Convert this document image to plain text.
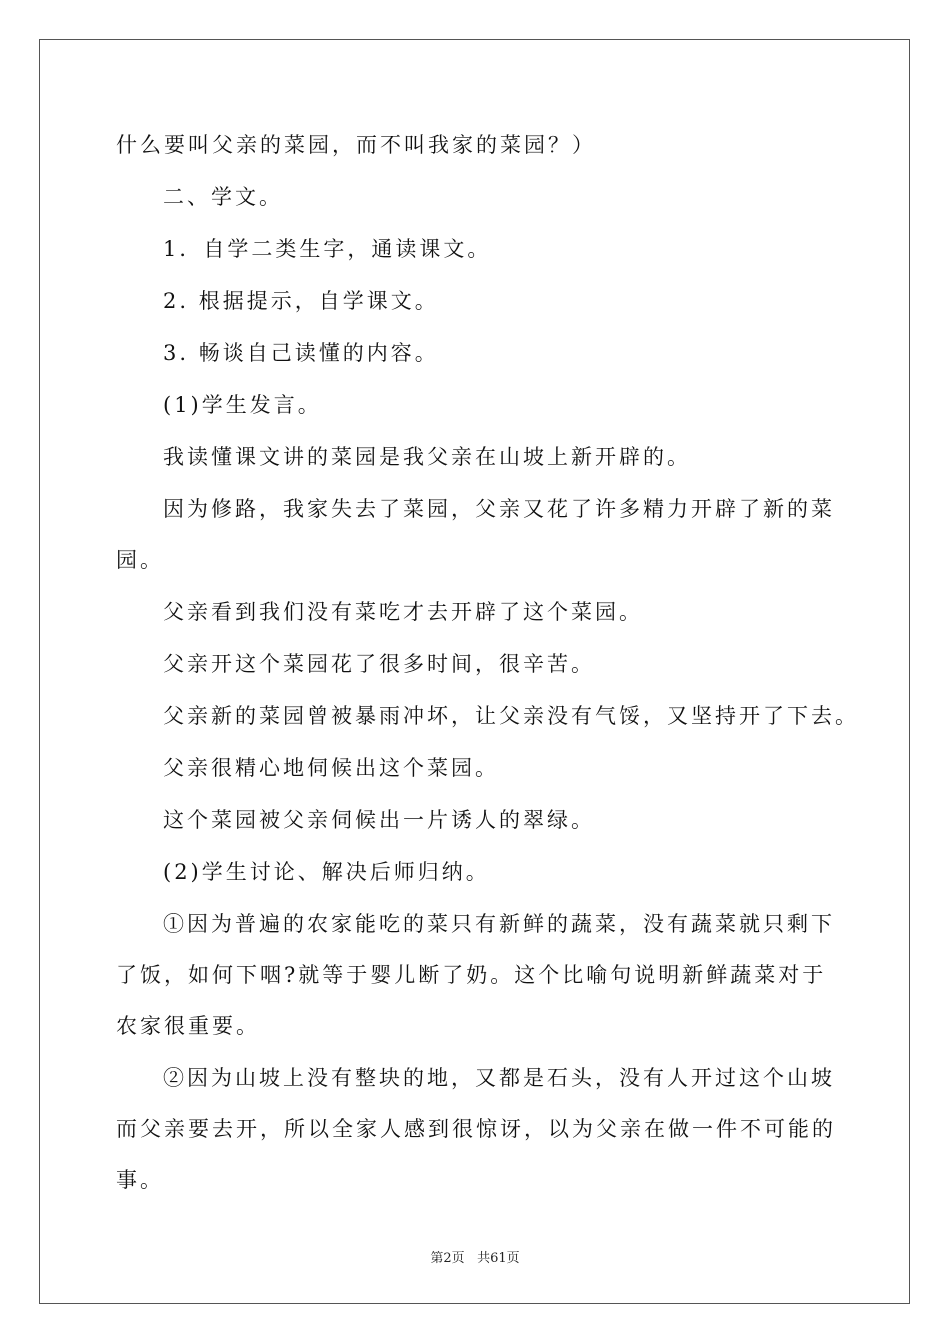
什么要叫父亲的菜园，而不叫我家的菜园？）
二、学文。
1．自学二类生字，通读课文。
2. 根据提示，自学课文。
3. 畅谈自己读懂的内容。
(1)学生发言。
我读懂课文讲的菜园是我父亲在山坡上新开辟的。
因为修路，我家失去了菜园，父亲又花了许多精力开辟了新的菜
园。
父亲看到我们没有菜吃才去开辟了这个菜园。
父亲开这个菜园花了很多时间，很辛苦。
父亲新的菜园曾被暴雨冲坏，让父亲没有气馁，又坚持开了下去。
父亲很精心地伺候出这个菜园。
这个菜园被父亲伺候出一片诱人的翠绿。
(2)学生讨论、解决后师归纳。
①因为普遍的农家能吃的菜只有新鲜的蔬菜，没有蔬菜就只剩下
了饭，如何下咽?就等于婴儿断了奶。这个比喻句说明新鲜蔬菜对于
农家很重要。
②因为山坡上没有整块的地，又都是石头，没有人开过这个山坡
而父亲要去开，所以全家人感到很惊讶，以为父亲在做一件不可能的
事。
第2页 共61页
